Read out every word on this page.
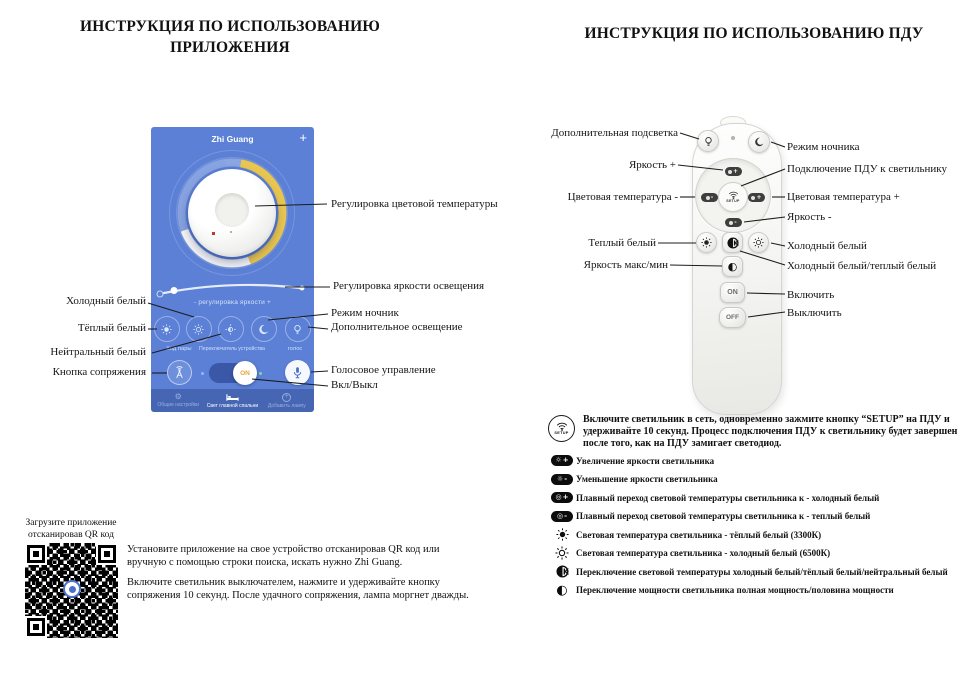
ИНСТРУКЦИЯ ПО ИСПОЛЬЗОВАНИЮ
ПРИЛОЖЕНИЯ
Zhi Guang	+
- регулировка яркости +
Код пары	Переключатель устройства	голос
ON
⚙
Общие настройки Свет главной спальни
+
Добавить лампу
Холодный белый
Тёплый белый
Нейтральный белый
Кнопка сопряжения
Регулировка цветовой температуры
Регулировка яркости освещения
Режим ночник
Дополнительное освещение
Голосовое управление
Вкл/Выкл
Загрузите приложение
отсканировав QR код
Установите приложение на свое устройство отсканировав QR код или вручную с помощью строки поиска, искать нужно Zhi Guang.
Включите светильник выключателем, нажмите и удерживайте кнопку сопряжения 10 секунд. После удачного сопряжения, лампа моргнет дважды.
ИНСТРУКЦИЯ ПО ИСПОЛЬЗОВАНИЮ ПДУ
+
-	+
-
SETUP
◐
ON
OFF
Дополнительная подсветка
Яркость +
Цветовая температура -
Теплый белый
Яркость макс/мин
Режим ночника
Подключение ПДУ к светильнику
Цветовая температура +
Яркость -
Холодный белый
Холодный белый/теплый белый
Включить
Выключить
SETUP
Включите светильник в сеть, одновременно зажмите кнопку “SETUP” на ПДУ и удерживайте 10 секунд. Процесс подключения ПДУ к светильнику будет завершен после того, как на ПДУ замигает светодиод.
☼ + Увеличение яркости светильника
☼ - Уменьшение яркости светильника
◎ + Плавный переход световой температуры светильника к - холодный белый
◎ - Плавный переход световой температуры светильника к - теплый белый
Световая температура светильника - тёплый белый (3300К)
Световая температура светильника - холодный белый (6500К)
Переключение световой температуры холодный белый/тёплый белый/нейтральный белый
◐ Переключение мощности светильника полная мощность/половина мощности
